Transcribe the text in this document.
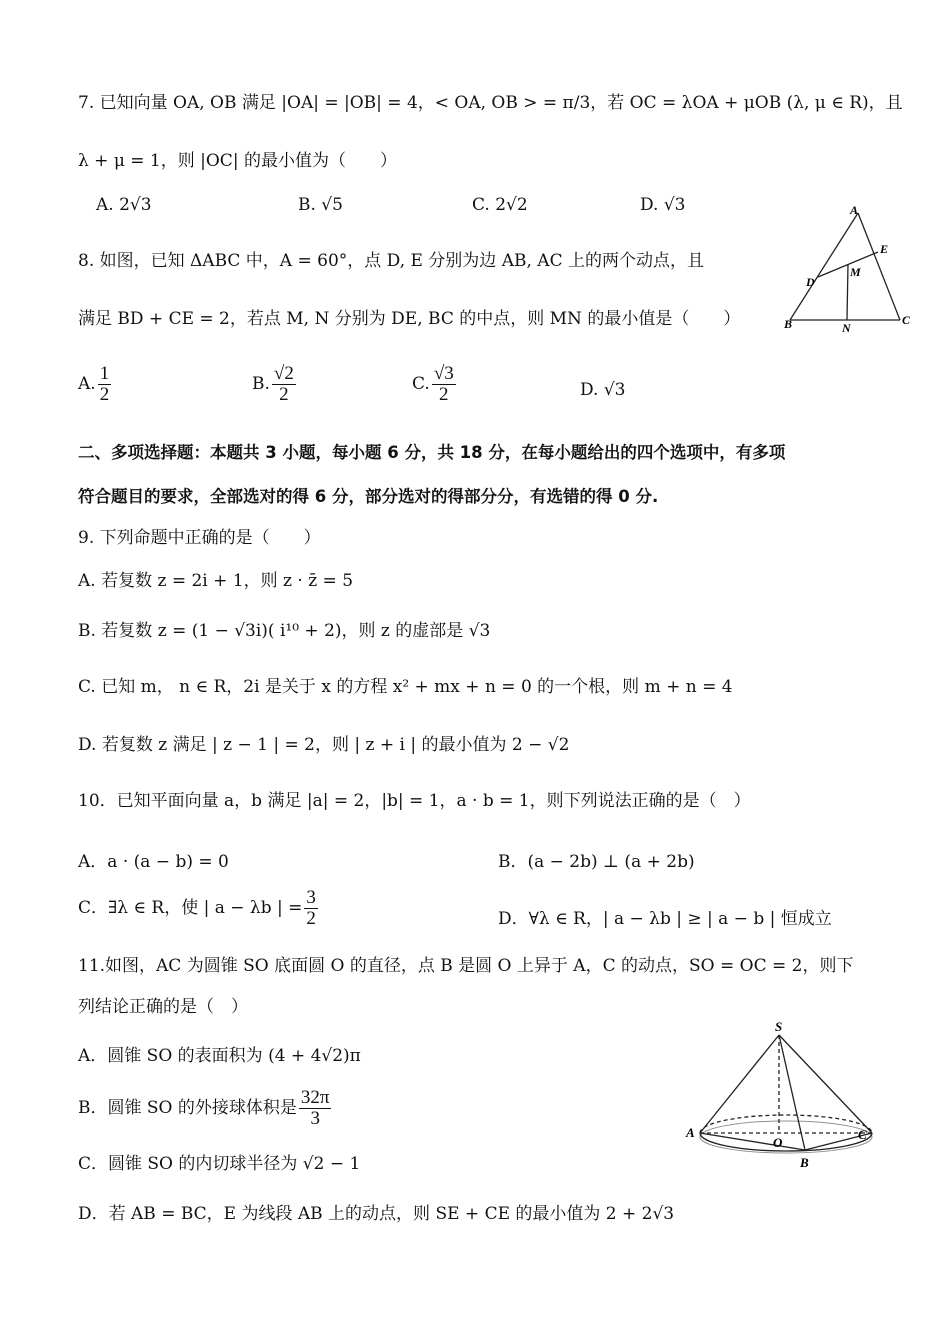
7. 已知向量 OA, OB 满足 |OA| = |OB| = 4，< OA, OB > = π/3，若 OC = λOA + μOB (λ, μ ∈ R)，且
λ + μ = 1，则 |OC| 的最小值为（　　）
A. 2√3	B. √5	C. 2√2	D. √3
8. 如图，已知 ΔABC 中，A = 60°，点 D, E 分别为边 AB, AC 上的两个动点，且
满足 BD + CE = 2，若点 M, N 分别为 DE, BC 的中点，则 MN 的最小值是（　　）
A. $\frac{1}{2}$	B. $\frac{√2}{2}$	C. $\frac{√3}{2}$	D. √3
A
E
M
D
B	N
C
二、多项选择题：本题共 3 小题，每小题 6 分，共 18 分，在每小题给出的四个选项中，有多项
符合题目的要求，全部选对的得 6 分，部分选对的得部分分，有选错的得 0 分.
9. 下列命题中正确的是（　　）
A. 若复数 z = 2i + 1，则 z · z̄ = 5
B. 若复数 z = (1 − √3i)( i¹⁰ + 2)，则 z 的虚部是 √3
C. 已知 m， n ∈ R，2i 是关于 x 的方程 x² + mx + n = 0 的一个根，则 m + n = 4
D. 若复数 z 满足 | z − 1 | = 2，则 | z + i | 的最小值为 2 − √2
10．已知平面向量 a，b 满足 |a| = 2，|b| = 1，a · b = 1，则下列说法正确的是（　）
A．a · (a − b) = 0	B．(a − 2b) ⊥ (a + 2b)
C．∃λ ∈ R，使 | a − λb | = $\frac{3}{2}$	D．∀λ ∈ R，| a − λb | ≥ | a − b | 恒成立
11.如图，AC 为圆锥 SO 底面圆 O 的直径，点 B 是圆 O 上异于 A，C 的动点，SO = OC = 2，则下
列结论正确的是（　）
A．圆锥 SO 的表面积为 (4 + 4√2)π
B．圆锥 SO 的外接球体积是 $\frac{32\pi}{3}$
C．圆锥 SO 的内切球半径为 √2 − 1
D．若 AB = BC，E 为线段 AB 上的动点，则 SE + CE 的最小值为 2 + 2√3
S
A
O
C
B
